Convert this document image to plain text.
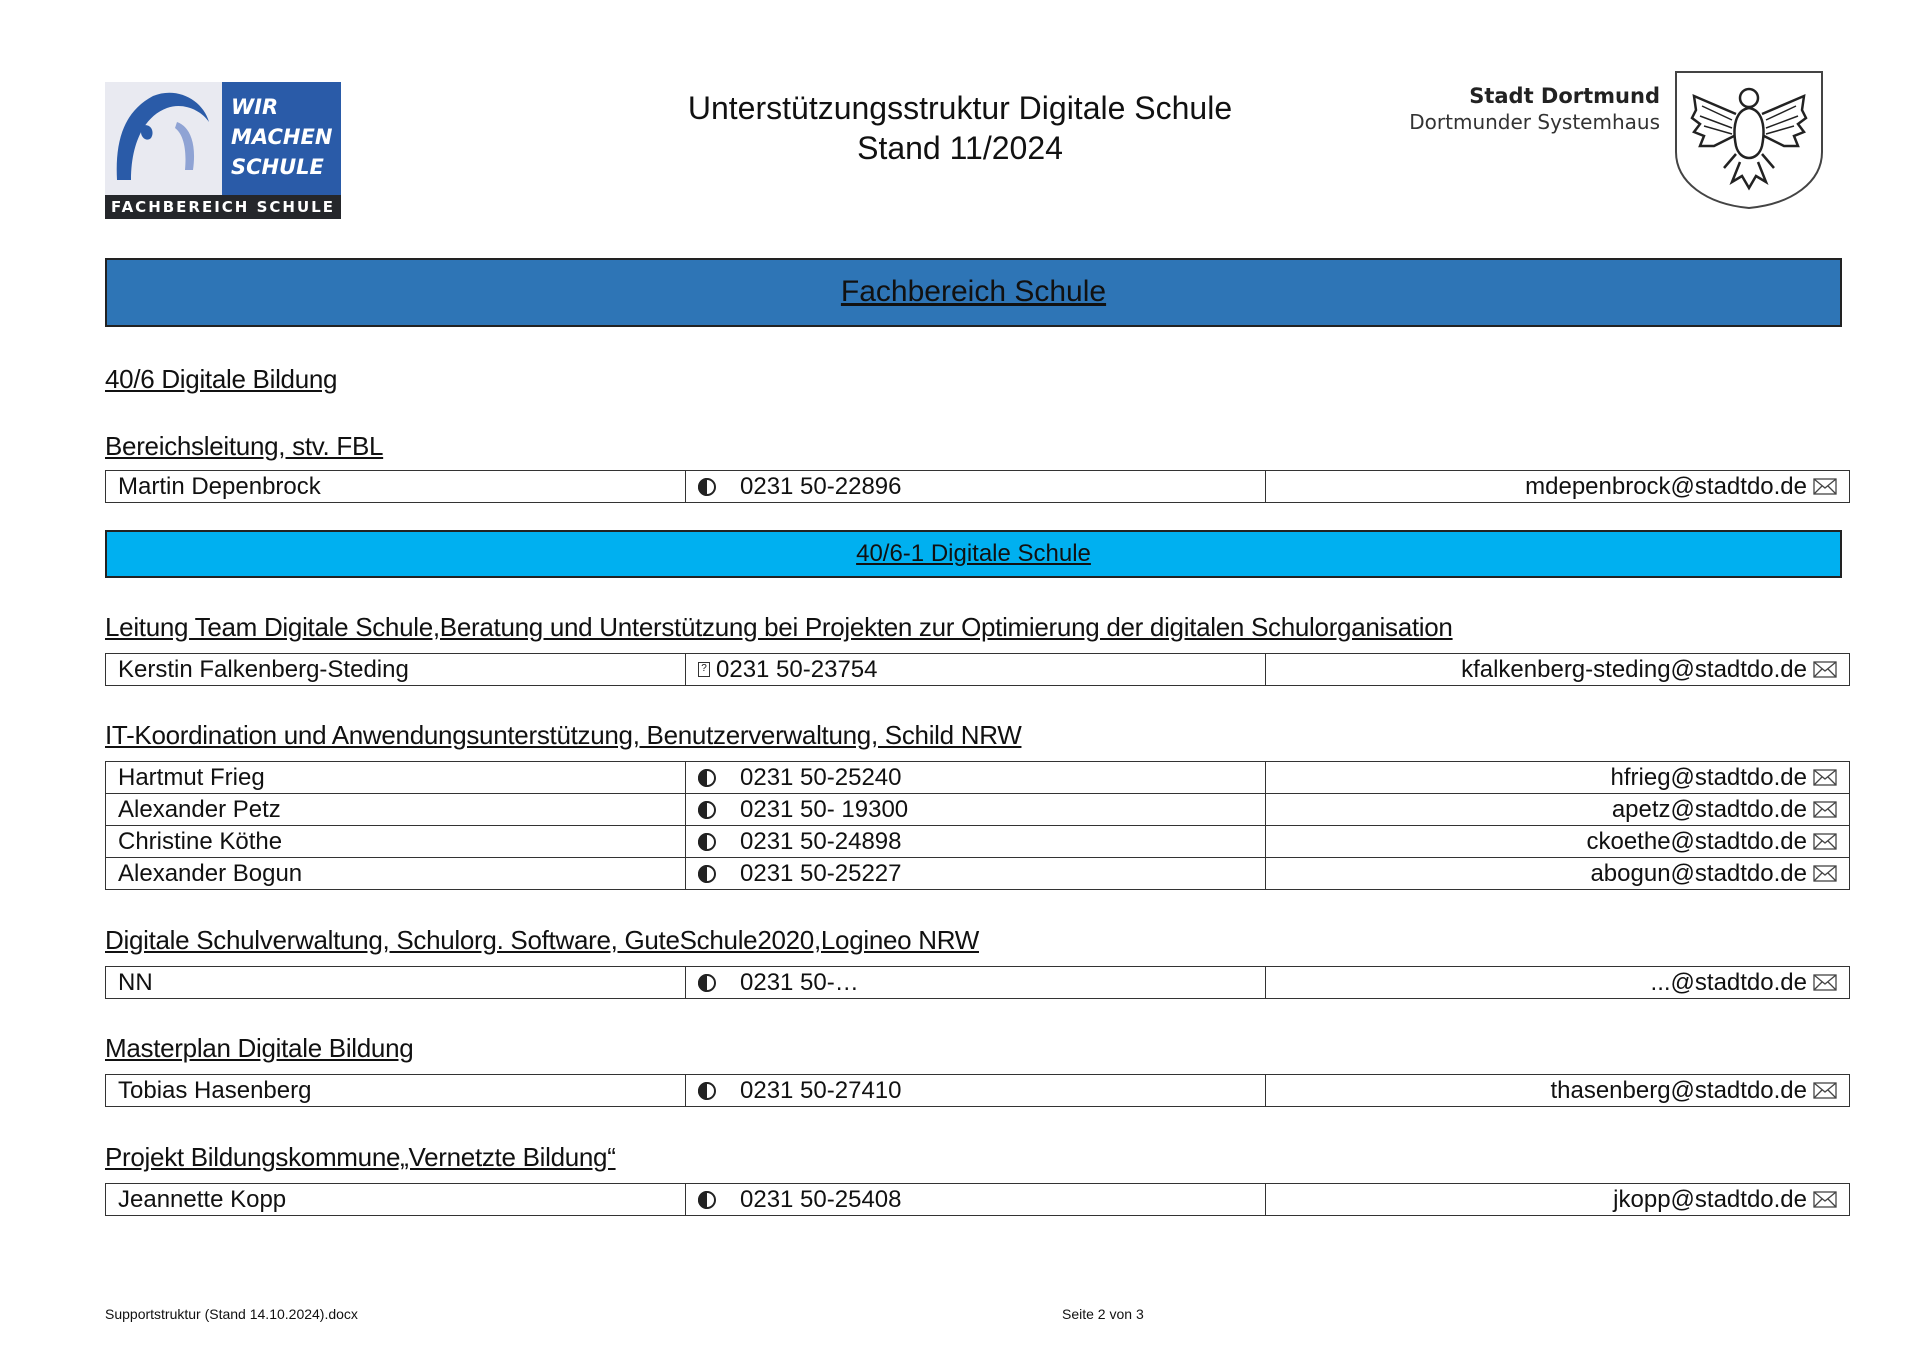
WIR
MACHEN
SCHULE
FACHBEREICH SCHULE
Unterstützungsstruktur Digitale Schule
Stand 11/2024
Stadt Dortmund
Dortmunder Systemhaus
Fachbereich Schule
40/6 Digitale Bildung
Bereichsleitung, stv. FBL
Martin Depenbrock	0231 50-22896	mdepenbrock@stadtdo.de
40/6-1 Digitale Schule
Leitung Team Digitale Schule,Beratung und Unterstützung bei Projekten zur Optimierung der digitalen Schulorganisation
Kerstin Falkenberg-Steding	? 0231 50-23754	kfalkenberg-steding@stadtdo.de
IT-Koordination und Anwendungsunterstützung, Benutzerverwaltung, Schild NRW
Hartmut Frieg	0231 50-25240	hfrieg@stadtdo.de
Alexander Petz	0231 50- 19300	apetz@stadtdo.de
Christine Köthe	0231 50-24898	ckoethe@stadtdo.de
Alexander Bogun	0231 50-25227	abogun@stadtdo.de
Digitale Schulverwaltung, Schulorg. Software, GuteSchule2020,Logineo NRW
NN	0231 50-…	...@stadtdo.de
Masterplan Digitale Bildung
Tobias Hasenberg	0231 50-27410	thasenberg@stadtdo.de
Projekt Bildungskommune„Vernetzte Bildung“
Jeannette Kopp	0231 50-25408	jkopp@stadtdo.de
Supportstruktur (Stand 14.10.2024).docx	Seite 2 von 3
